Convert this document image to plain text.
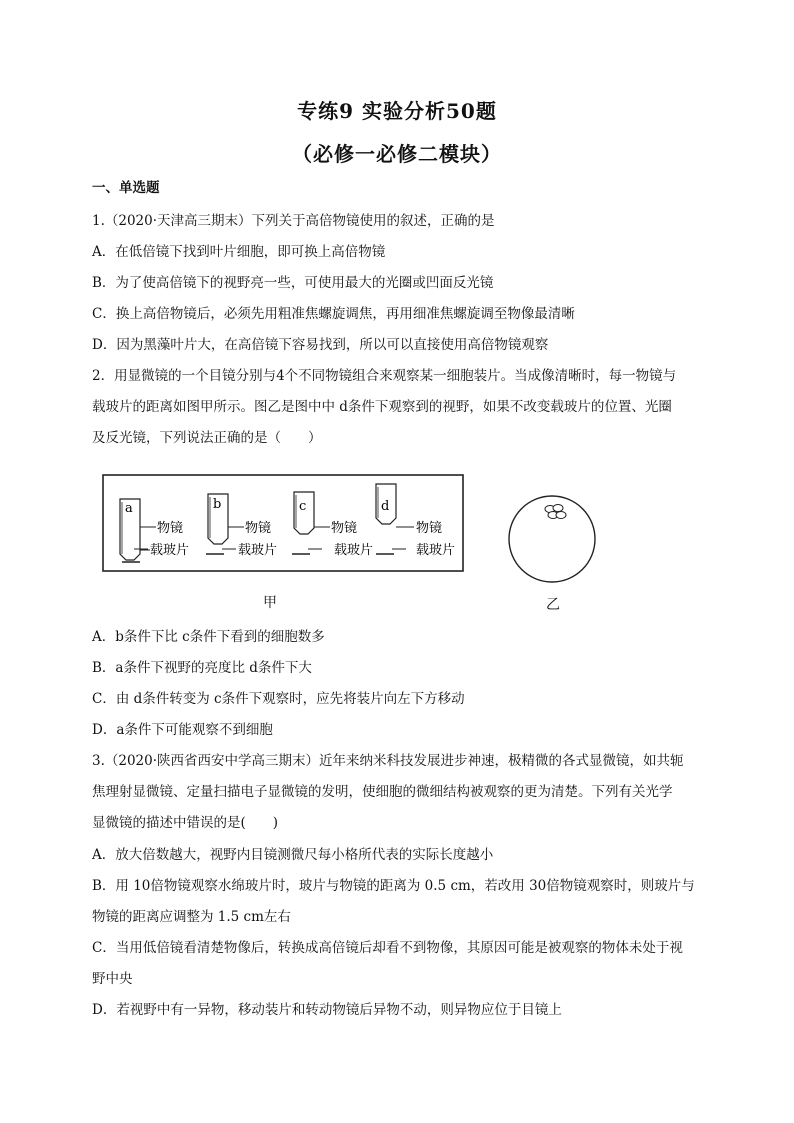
专练9 实验分析50题
（必修一必修二模块）
一、单选题
1.（2020·天津高三期末）下列关于高倍物镜使用的叙述，正确的是
A．在低倍镜下找到叶片细胞，即可换上高倍物镜
B．为了使高倍镜下的视野亮一些，可使用最大的光圈或凹面反光镜
C．换上高倍物镜后，必须先用粗准焦螺旋调焦，再用细准焦螺旋调至物像最清晰
D．因为黑藻叶片大，在高倍镜下容易找到，所以可以直接使用高倍物镜观察
2．用显微镜的一个目镜分别与4个不同物镜组合来观察某一细胞装片。当成像清晰时，每一物镜与
载玻片的距离如图甲所示。图乙是图中中 d条件下观察到的视野，如果不改变载玻片的位置、光圈
及反光镜，下列说法正确的是（　　）
a
物镜
载玻片
b
物镜
载玻片
c
物镜
载玻片
d
物镜
载玻片
甲	乙
A．b条件下比 c条件下看到的细胞数多
B．a条件下视野的亮度比 d条件下大
C．由 d条件转变为 c条件下观察时，应先将装片向左下方移动
D．a条件下可能观察不到细胞
3.（2020·陕西省西安中学高三期末）近年来纳米科技发展进步神速，极精微的各式显微镜，如共轭
焦理射显微镜、定量扫描电子显微镜的发明，使细胞的微细结构被观察的更为清楚。下列有关光学
显微镜的描述中错误的是(　　)
A．放大倍数越大，视野内目镜测微尺每小格所代表的实际长度越小
B．用 10倍物镜观察水绵玻片时，玻片与物镜的距离为 0.5 cm，若改用 30倍物镜观察时，则玻片与
物镜的距离应调整为 1.5 cm左右
C．当用低倍镜看清楚物像后，转换成高倍镜后却看不到物像，其原因可能是被观察的物体未处于视
野中央
D．若视野中有一异物，移动装片和转动物镜后异物不动，则异物应位于目镜上
